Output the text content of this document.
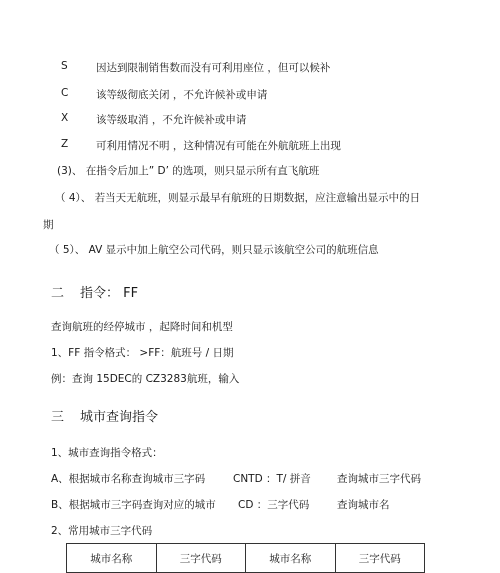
S	因达到限制销售数而没有可利用座位 ，但可以候补
C	该等级彻底关闭 ，不允许候补或申请
X	该等级取消 ，不允许候补或申请
Z	可利用情况不明 ，这种情况有可能在外航航班上出现
(3)、 在指令后加上” D’ 的选项，则只显示所有直飞航班
（ 4）、 若当天无航班，则显示最早有航班的日期数据，应注意输出显示中的日
期
（ 5）、 AV 显示中加上航空公司代码，则只显示该航空公司的航班信息
二 指令： FF
查询航班的经停城市 ，起降时间和机型
1、FF 指令格式： >FF：航班号 / 日期
例：查询 15DEC的 CZ3283航班，输入
三 城市查询指令
1、城市查询指令格式：
A、根据城市名称查询城市三字码	CNTD ：T/ 拼音 查询城市三字代码
B、根据城市三字码查询对应的城市 CD ：三字代码	查询城市名
2、常用城市三字代码
城市名称	三字代码	城市名称	三字代码
